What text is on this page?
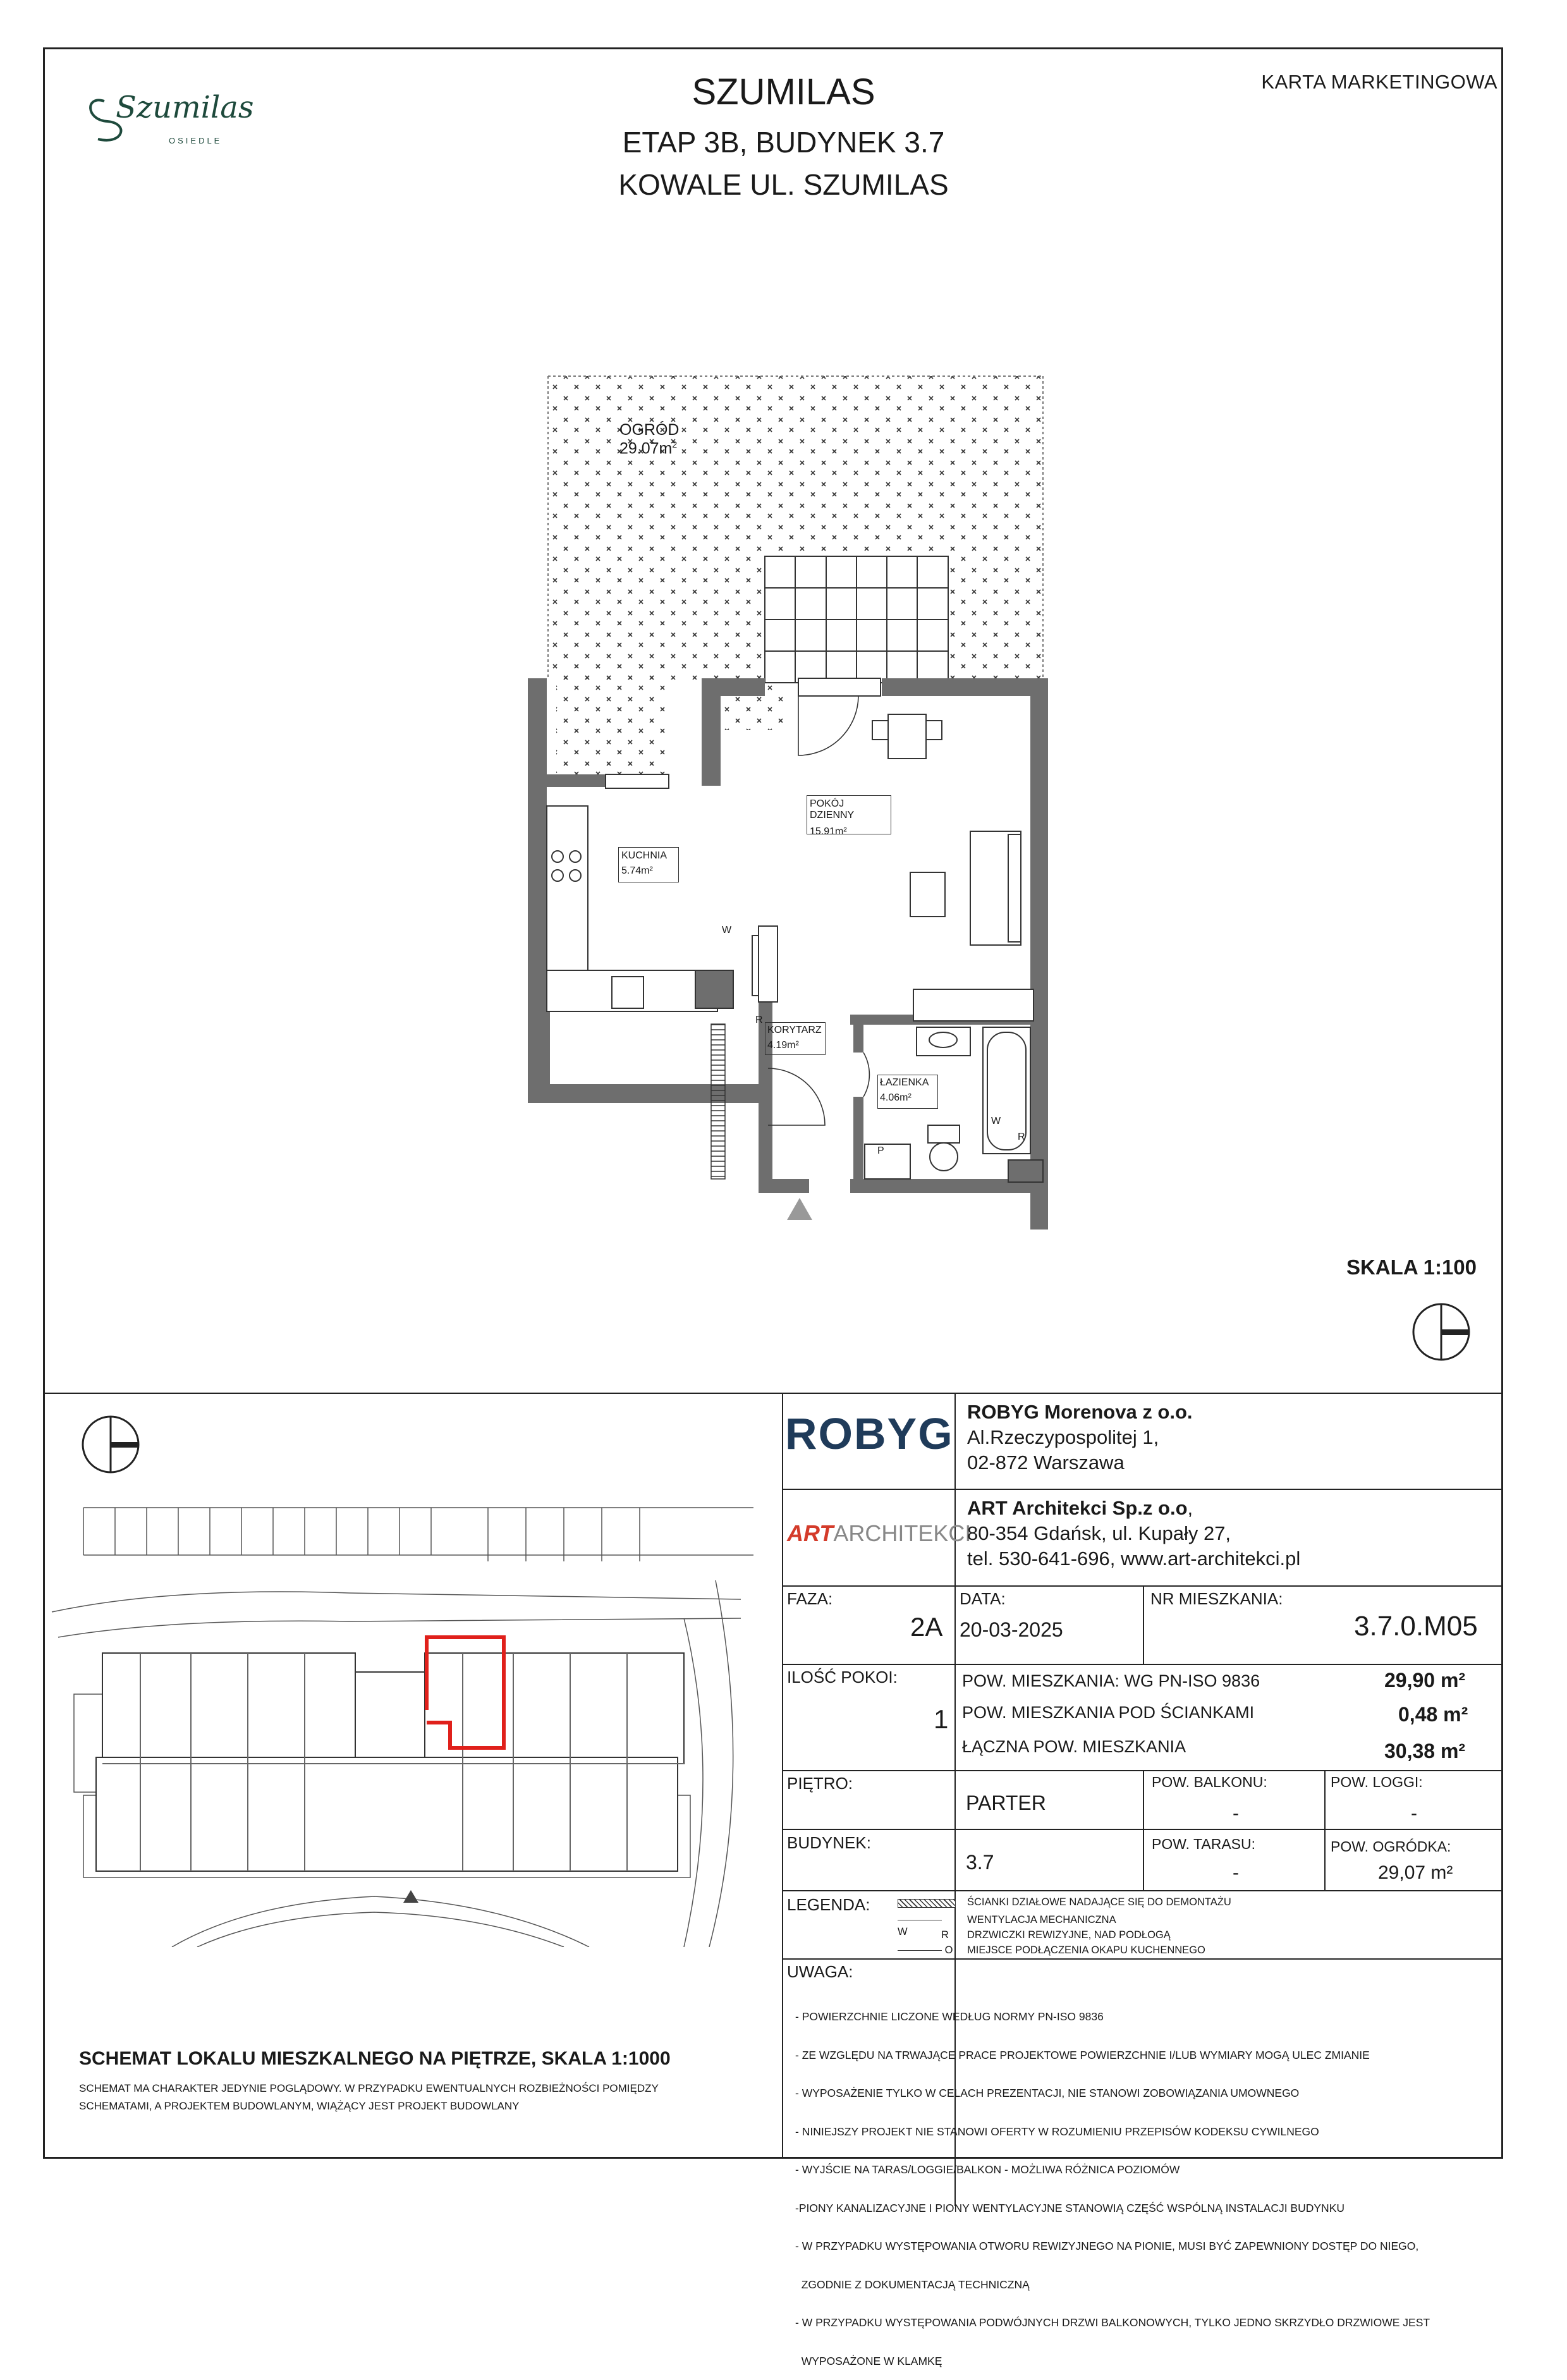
Szumilas
OSIEDLE
SZUMILAS
ETAP 3B, BUDYNEK 3.7
KOWALE UL. SZUMILAS
KARTA MARKETINGOWA
OGRÓD
$29.07m^2$
POKÓJ DZIENNY
15.91m²
KUCHNIA
5.74m²
KORYTARZ
4.19m²
ŁAZIENKA
4.06m²
W
R
P
W
R
SKALA 1:100
SCHEMAT LOKALU MIESZKALNEGO NA PIĘTRZE, SKALA 1:1000
SCHEMAT MA CHARAKTER JEDYNIE POGLĄDOWY. W PRZYPADKU EWENTUALNYCH ROZBIEŻNOŚCI POMIĘDZY
SCHEMATAMI, A PROJEKTEM BUDOWLANYM, WIĄŻĄCY JEST PROJEKT BUDOWLANY
ROBYG ROBYG Morenova z o.o.
Al.Rzeczypospolitej 1,
02-872 Warszawa
ARTARCHITEKCI
ART Architekci Sp.z o.o,
80-354 Gdańsk, ul. Kupały 27,
tel. 530-641-696, www.art-architekci.pl
FAZA:
2A
DATA:
20-03-2025
NR MIESZKANIA:
3.7.0.M05
ILOŚĆ POKOI:
1
POW. MIESZKANIA: WG PN-ISO 9836	29,90 m²
POW. MIESZKANIA POD ŚCIANKAMI	0,48 m²
ŁĄCZNA POW. MIESZKANIA	30,38 m²
PIĘTRO:
PARTER
POW. BALKONU:
-
POW. LOGGI:
-
BUDYNEK:
3.7
POW. TARASU:
-
POW. OGRÓDKA:
29,07 m²
LEGENDA:	ŚCIANKI DZIAŁOWE NADAJĄCE SIĘ DO DEMONTAŻU
W
WENTYLACJA MECHANICZNA
R DRZWICZKI REWIZYJNE, NAD PODŁOGĄ
O MIEJSCE PODŁĄCZENIA OKAPU KUCHENNEGO
UWAGA:

- POWIERZCHNIE LICZONE WEDŁUG NORMY PN-ISO 9836

- ZE WZGLĘDU NA TRWAJĄCE PRACE PROJEKTOWE POWIERZCHNIE I/LUB WYMIARY MOGĄ ULEC ZMIANIE

- WYPOSAŻENIE TYLKO W CELACH PREZENTACJI, NIE STANOWI ZOBOWIĄZANIA UMOWNEGO

- NINIEJSZY PROJEKT NIE STANOWI OFERTY W ROZUMIENIU PRZEPISÓW KODEKSU CYWILNEGO

- WYJŚCIE NA TARAS/LOGGIE/BALKON - MOŻLIWA RÓŻNICA POZIOMÓW

-PIONY KANALIZACYJNE I PIONY WENTYLACYJNE STANOWIĄ CZĘŚĆ WSPÓLNĄ INSTALACJI BUDYNKU

- W PRZYPADKU WYSTĘPOWANIA OTWORU REWIZYJNEGO NA PIONIE, MUSI BYĆ ZAPEWNIONY DOSTĘP DO NIEGO,

ZGODNIE Z DOKUMENTACJĄ TECHNICZNĄ

- W PRZYPADKU WYSTĘPOWANIA PODWÓJNYCH DRZWI BALKONOWYCH, TYLKO JEDNO SKRZYDŁO DRZWIOWE JEST

WYPOSAŻONE W KLAMKĘ
